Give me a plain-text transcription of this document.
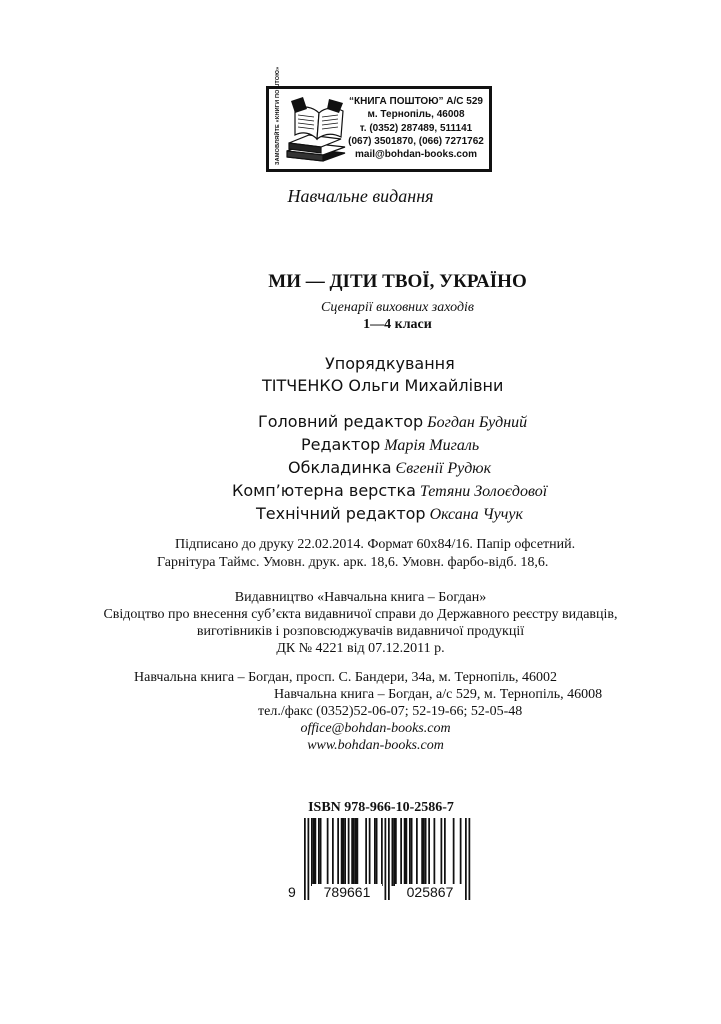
ЗАМОВЛЯЙТЕ «КНИГИ ПОШТОЮ»	“КНИГА ПОШТОЮ” А/С 529
м. Тернопіль, 46008
т. (0352) 287489, 511141
(067) 3501870, (066) 7271762
mail@bohdan-books.com
Навчальне видання
МИ — ДІТИ ТВОЇ, УКРАЇНО
Сценарії виховних заходів
1—4 класи
Упорядкування
ТІТЧЕНКО Ольги Михайлівни
Головний редактор Богдан Будний
Редактор Марія Мигаль
Обкладинка Євгенії Рудюк
Комп’ютерна верстка Тетяни Золоєдової
Технічний редактор Оксана Чучук
Підписано до друку 22.02.2014. Формат 60х84/16. Папір офсетний.
Гарнітура Таймс. Умовн. друк. арк. 18,6. Умовн. фарбо-відб. 18,6.
Видавництво «Навчальна книга – Богдан»
Свідоцтво про внесення суб’єкта видавничої справи до Державного реєстру видавців,
виготівників і розповсюджувачів видавничої продукції
ДК № 4221 від 07.12.2011 р.
Навчальна книга – Богдан, просп. С. Бандери, 34а, м. Тернопіль, 46002
Навчальна книга – Богдан, а/с 529, м. Тернопіль, 46008
тел./факс (0352)52-06-07; 52-19-66; 52-05-48
office@bohdan-books.com
www.bohdan-books.com
ISBN 978-966-10-2586-7
9	789661	025867
